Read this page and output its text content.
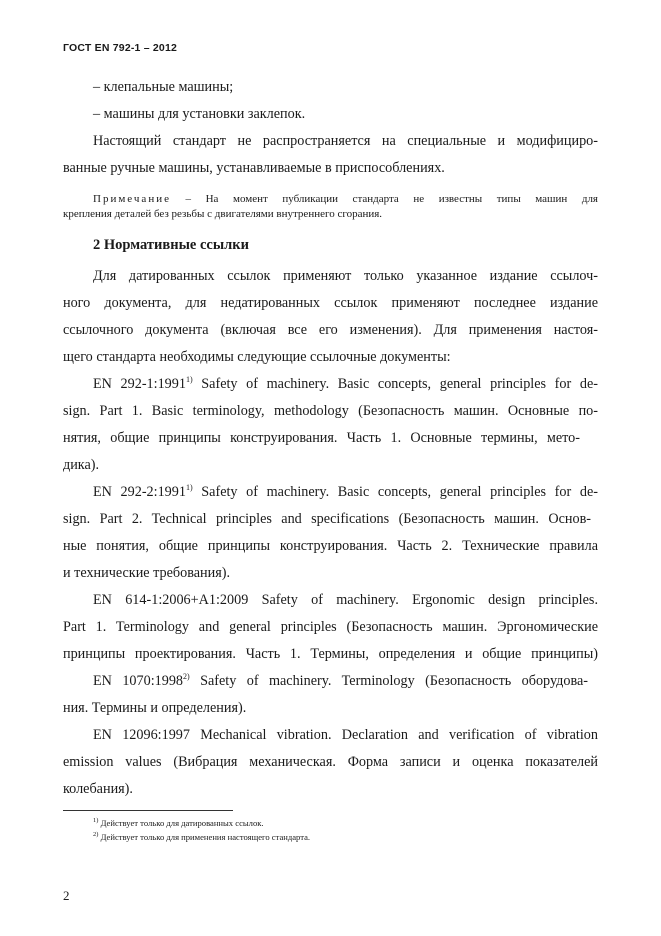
ГОСТ EN 792-1 – 2012
– клепальные машины;
– машины для установки заклепок.
Настоящий стандарт не распространяется на специальные и модифициро-
ванные ручные машины, устанавливаемые в приспособлениях.
Примечание – На момент публикации стандарта не известны типы машин для
крепления деталей без резьбы с двигателями внутреннего сгорания.
2 Нормативные ссылки
Для датированных ссылок применяют только указанное издание ссылоч-
ного документа, для недатированных ссылок применяют последнее издание
ссылочного документа (включая все его изменения). Для применения настоя-
щего стандарта необходимы следующие ссылочные документы:
EN 292-1:1991$^{1)}$ Safety of machinery. Basic concepts, general principles for de-
sign. Part 1. Basic terminology, methodology (Безопасность машин. Основные по-
нятия, общие принципы конструирования. Часть 1. Основные термины, мето-
дика).
EN 292-2:1991$^{1)}$ Safety of machinery. Basic concepts, general principles for de-
sign. Part 2. Technical principles and specifications (Безопасность машин. Основ-
ные понятия, общие принципы конструирования. Часть 2. Технические правила
и технические требования).
EN 614-1:2006+A1:2009 Safety of machinery. Ergonomic design principles.
Part 1. Terminology and general principles (Безопасность машин. Эргономические
принципы проектирования. Часть 1. Термины, определения и общие принципы)
EN 1070:1998$^{2)}$ Safety of machinery. Terminology (Безопасность оборудова-
ния. Термины и определения).
EN 12096:1997 Mechanical vibration. Declaration and verification of vibration
emission values (Вибрация механическая. Форма записи и оценка показателей
колебания).
$^{1)}$ Действует только для датированных ссылок.
$^{2)}$ Действует только для применения настоящего стандарта.
2
